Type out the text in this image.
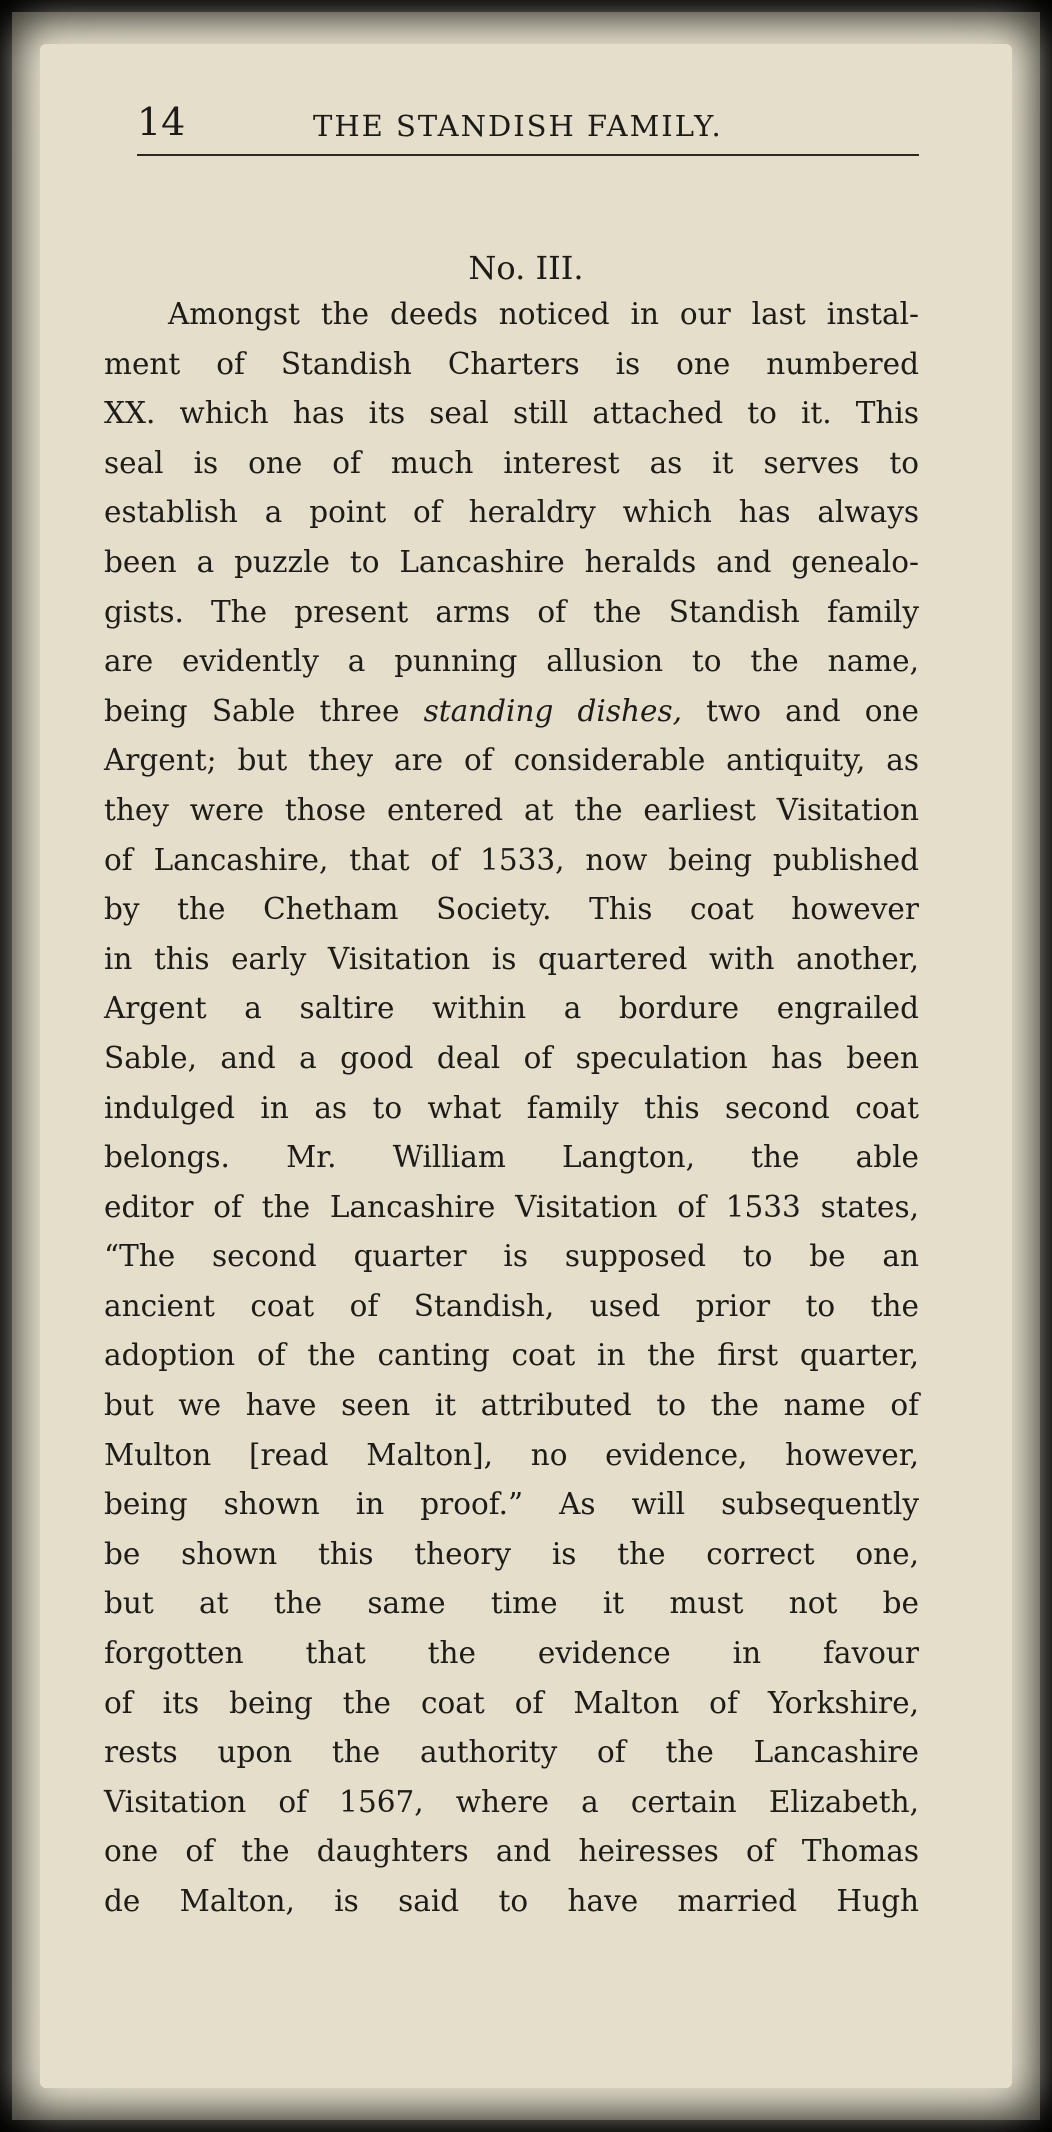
14	THE STANDISH FAMILY.
No. III.
Amongst the deeds noticed in our last instal-
ment of Standish Charters is one numbered
XX. which has its seal still attached to it. This
seal is one of much interest as it serves to
establish a point of heraldry which has always
been a puzzle to Lancashire heralds and genealo-
gists. The present arms of the Standish family
are evidently a punning allusion to the name,
being Sable three standing dishes, two and one
Argent; but they are of considerable antiquity, as
they were those entered at the earliest Visitation
of Lancashire, that of 1533, now being published
by the Chetham Society. This coat however
in this early Visitation is quartered with another,
Argent a saltire within a bordure engrailed
Sable, and a good deal of speculation has been
indulged in as to what family this second coat
belongs. Mr. William Langton, the able
editor of the Lancashire Visitation of 1533 states,
“The second quarter is supposed to be an
ancient coat of Standish, used prior to the
adoption of the canting coat in the first quarter,
but we have seen it attributed to the name of
Multon [read Malton], no evidence, however,
being shown in proof.” As will subsequently
be shown this theory is the correct one,
but at the same time it must not be
forgotten that the evidence in favour
of its being the coat of Malton of Yorkshire,
rests upon the authority of the Lancashire
Visitation of 1567, where a certain Elizabeth,
one of the daughters and heiresses of Thomas
de Malton, is said to have married Hugh
